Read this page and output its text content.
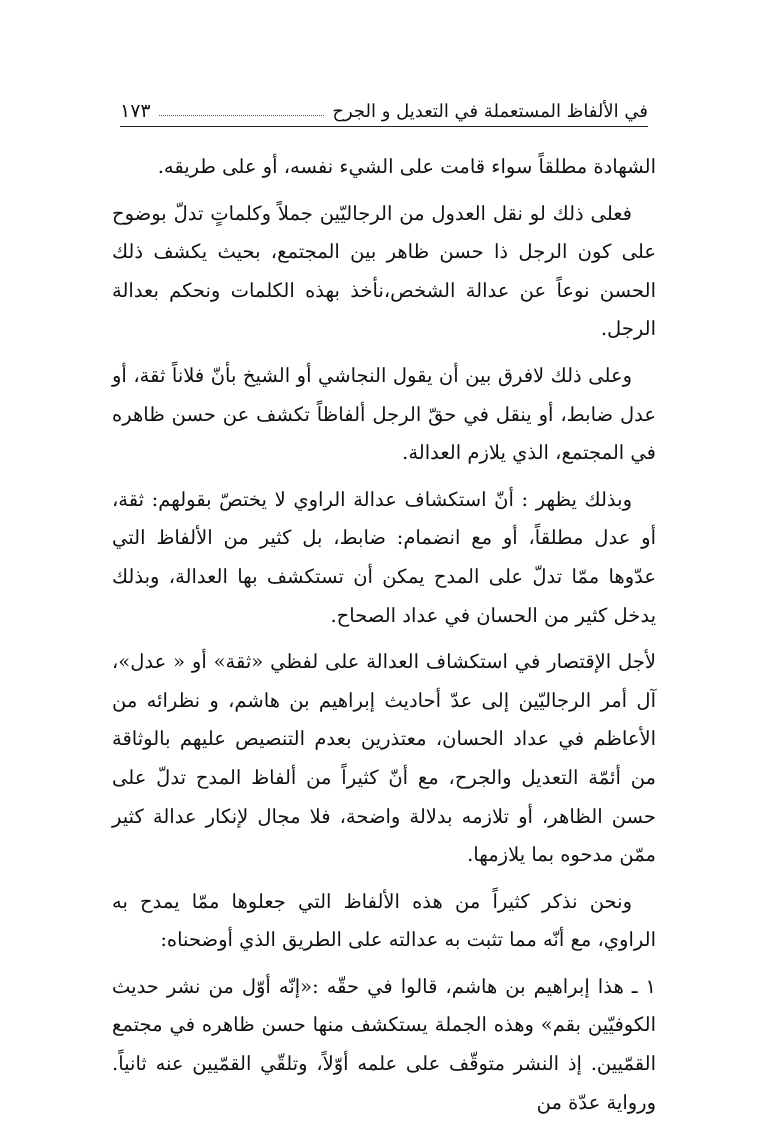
في الألفاظ المستعملة في التعديل و الجرح
١٧٣

الشهادة مطلقاً سواء قامت على الشيء نفسه، أو على طريقه.

فعلى ذلك لو نقل العدول من الرجاليّين جملاً وكلماتٍ تدلّ بوضوح على كون الرجل ذا حسن ظاهر بين المجتمع، بحيث يكشف ذلك الحسن نوعاً عن عدالة الشخص،نأخذ بهذه الكلمات ونحكم بعدالة الرجل.

وعلى ذلك لافرق بين أن يقول النجاشي أو الشيخ بأنّ فلاناً ثقة، أو عدل ضابط، أو ينقل في حقّ الرجل ألفاظاً تكشف عن حسن ظاهره في المجتمع، الذي يلازم العدالة.

وبذلك يظهر : أنّ استكشاف عدالة الراوي لا يختصّ بقولهم: ثقة، أو عدل مطلقاً، أو مع انضمام: ضابط، بل كثير من الألفاظ التي عدّوها ممّا تدلّ على المدح يمكن أن تستكشف بها العدالة، وبذلك يدخل كثير من الحسان في عداد الصحاح.

لأجل الإقتصار في استكشاف العدالة على لفظي «ثقة» أو « عدل»، آل أمر الرجاليّين إلى عدّ أحاديث إبراهيم بن هاشم، و نظرائه من الأعاظم في عداد الحسان، معتذرين بعدم التنصيص عليهم بالوثاقة من أئمّة التعديل والجرح، مع أنّ كثيراً من ألفاظ المدح تدلّ على حسن الظاهر، أو تلازمه بدلالة واضحة، فلا مجال لإنكار عدالة كثير ممّن مدحوه بما يلازمها.

ونحن نذكر كثيراً من هذه الألفاظ التي جعلوها ممّا يمدح به الراوي، مع أنّه مما تثبت به عدالته على الطريق الذي أوضحناه:

١ ـ هذا إبراهيم بن هاشم، قالوا في حقّه :«إنّه أوّل من نشر حديث الكوفيّين بقم» وهذه الجملة يستكشف منها حسن ظاهره في مجتمع القمّيين. إذ النشر متوقّف على علمه أوّلاً، وتلقّي القمّيين عنه ثانياً. ورواية عدّة من
